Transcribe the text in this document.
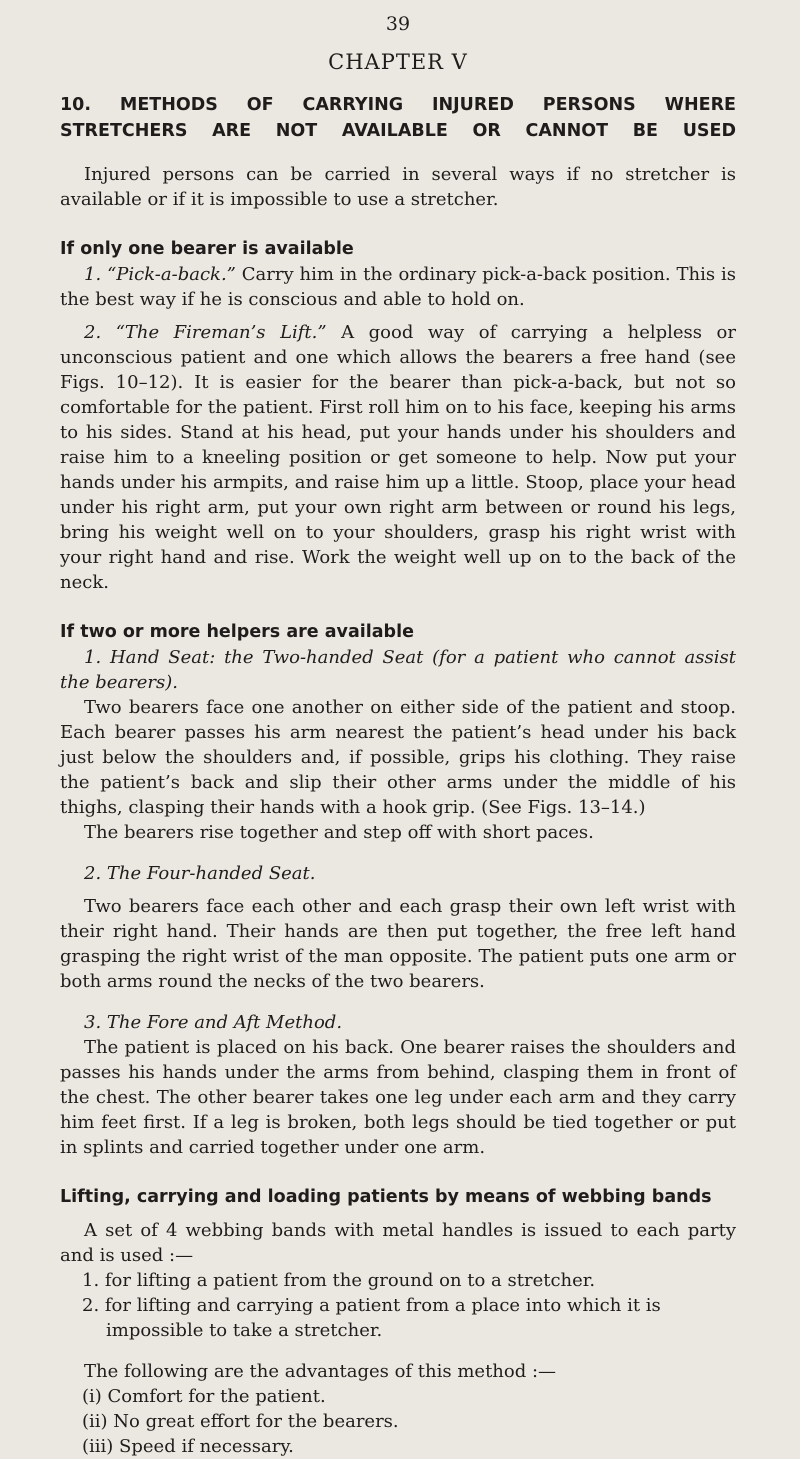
39
CHAPTER V
10. METHODS OF CARRYING INJURED PERSONS WHERE
STRETCHERS ARE NOT AVAILABLE OR CANNOT BE USED

Injured persons can be carried in several ways if no stretcher is available or if it is impossible to use a stretcher.

If only one bearer is available

1. “Pick-a-back.” Carry him in the ordinary pick-a-back position. This is the best way if he is conscious and able to hold on.

2. “The Fireman’s Lift.” A good way of carrying a helpless or unconscious patient and one which allows the bearers a free hand (see Figs. 10–12). It is easier for the bearer than pick-a-back, but not so comfortable for the patient. First roll him on to his face, keeping his arms to his sides. Stand at his head, put your hands under his shoulders and raise him to a kneeling position or get someone to help. Now put your hands under his armpits, and raise him up a little. Stoop, place your head under his right arm, put your own right arm between or round his legs, bring his weight well on to your shoulders, grasp his right wrist with your right hand and rise. Work the weight well up on to the back of the neck.

If two or more helpers are available

1. Hand Seat: the Two-handed Seat (for a patient who cannot assist the bearers).

Two bearers face one another on either side of the patient and stoop. Each bearer passes his arm nearest the patient’s head under his back just below the shoulders and, if possible, grips his clothing. They raise the patient’s back and slip their other arms under the middle of his thighs, clasping their hands with a hook grip. (See Figs. 13–14.)

The bearers rise together and step off with short paces.

2. The Four-handed Seat.

Two bearers face each other and each grasp their own left wrist with their right hand. Their hands are then put together, the free left hand grasping the right wrist of the man opposite. The patient puts one arm or both arms round the necks of the two bearers.

3. The Fore and Aft Method.

The patient is placed on his back. One bearer raises the shoulders and passes his hands under the arms from behind, clasping them in front of the chest. The other bearer takes one leg under each arm and they carry him feet first. If a leg is broken, both legs should be tied together or put in splints and carried together under one arm.

Lifting, carrying and loading patients by means of webbing bands

A set of 4 webbing bands with metal handles is issued to each party and is used :—

1. for lifting a patient from the ground on to a stretcher.
2. for lifting and carrying a patient from a place into which it is impossible to take a stretcher.

The following are the advantages of this method :—

(i) Comfort for the patient.
(ii) No great effort for the bearers.
(iii) Speed if necessary.
